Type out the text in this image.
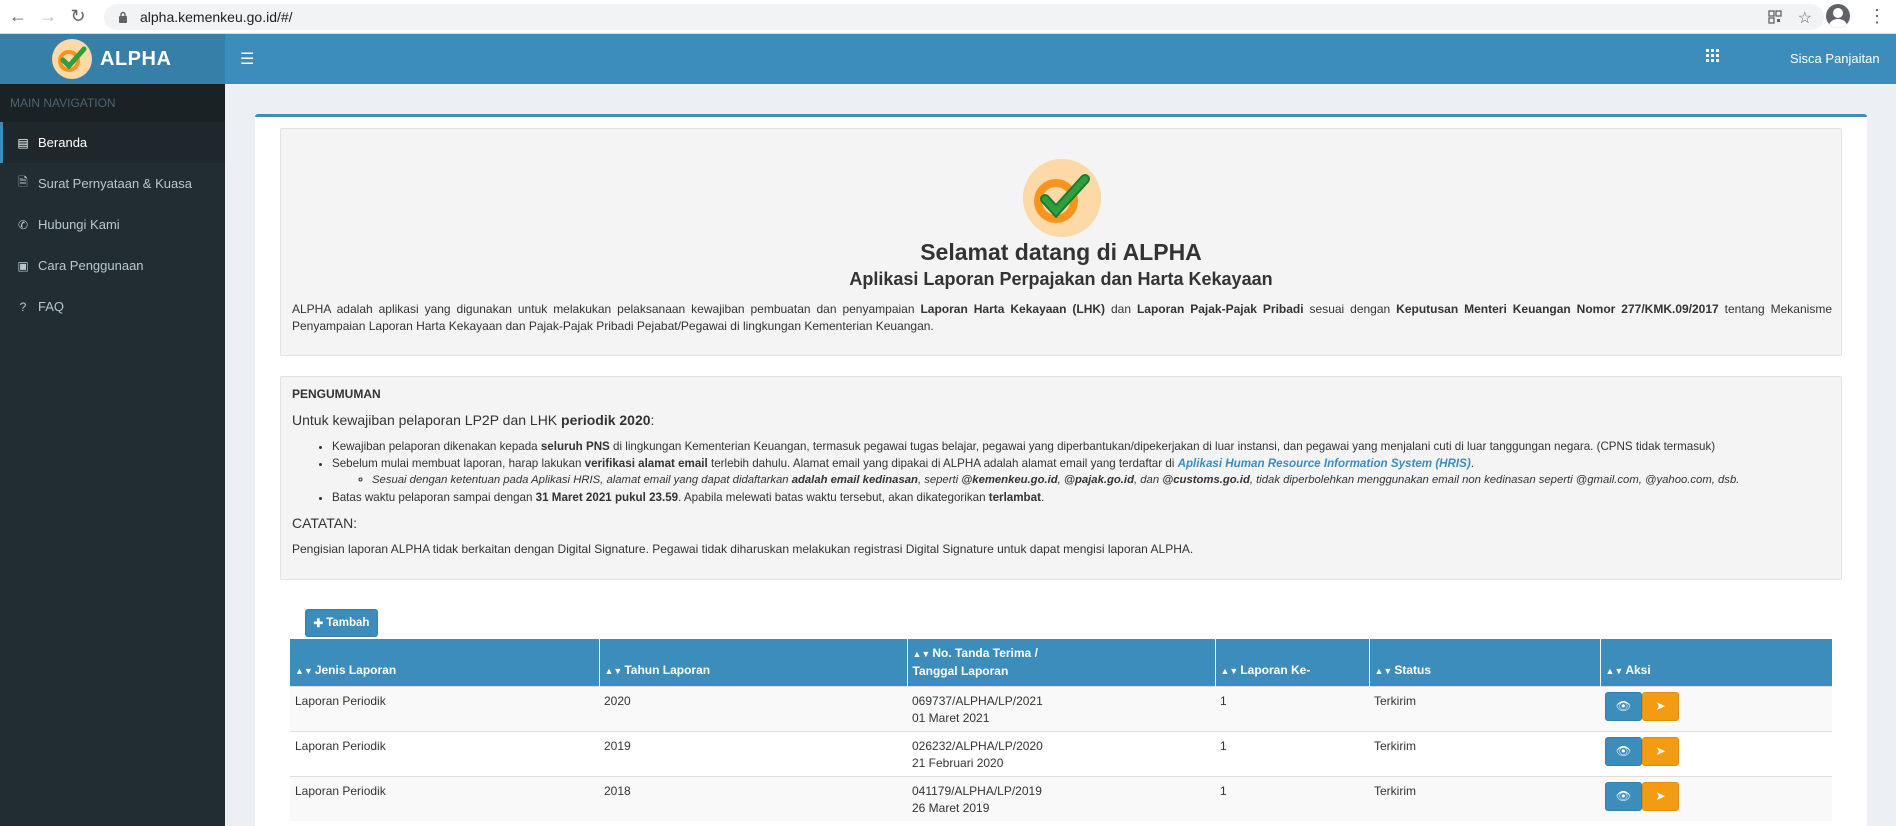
← → ↻	alpha.kemenkeu.go.id/#/	☆	⋮
ALPHA	☰	Sisca Panjaitan
MAIN NAVIGATION
▤ Beranda
🗎 Surat Pernyataan & Kuasa
✆ Hubungi Kami
▣ Cara Penggunaan
? FAQ
Selamat datang di ALPHA
Aplikasi Laporan Perpajakan dan Harta Kekayaan
ALPHA adalah aplikasi yang digunakan untuk melakukan pelaksanaan kewajiban pembuatan dan penyampaian Laporan Harta Kekayaan (LHK) dan Laporan Pajak-Pajak Pribadi sesuai dengan Keputusan Menteri Keuangan Nomor 277/KMK.09/2017 tentang Mekanisme Penyampaian Laporan Harta Kekayaan dan Pajak-Pajak Pribadi Pejabat/Pegawai di lingkungan Kementerian Keuangan.
PENGUMUMAN
Untuk kewajiban pelaporan LP2P dan LHK periodik 2020:
• Kewajiban pelaporan dikenakan kepada seluruh PNS di lingkungan Kementerian Keuangan, termasuk pegawai tugas belajar, pegawai yang diperbantukan/dipekerjakan di luar instansi, dan pegawai yang menjalani cuti di luar tanggungan negara. (CPNS tidak termasuk)
• Sebelum mulai membuat laporan, harap lakukan verifikasi alamat email terlebih dahulu. Alamat email yang dipakai di ALPHA adalah alamat email yang terdaftar di Aplikasi Human Resource Information System (HRIS).
◦ Sesuai dengan ketentuan pada Aplikasi HRIS, alamat email yang dapat didaftarkan adalah email kedinasan, seperti @kemenkeu.go.id, @pajak.go.id, dan @customs.go.id, tidak diperbolehkan menggunakan email non kedinasan seperti @gmail.com, @yahoo.com, dsb.
• Batas waktu pelaporan sampai dengan 31 Maret 2021 pukul 23.59. Apabila melewati batas waktu tersebut, akan dikategorikan terlambat.
CATATAN:
Pengisian laporan ALPHA tidak berkaitan dengan Digital Signature. Pegawai tidak diharuskan melakukan registrasi Digital Signature untuk dapat mengisi laporan ALPHA.
✚ Tambah
▲▼ Jenis Laporan	▲▼ Tahun Laporan	▲▼ No. Tanda Terima /
Tanggal Laporan	▲▼ Laporan Ke-	▲▼ Status	▲▼ Aksi
Laporan Periodik	2020	069737/ALPHA/LP/2021
01 Maret 2021	1	Terkirim	👁 ➤

Laporan Periodik	2019	026232/ALPHA/LP/2020
21 Februari 2020	1	Terkirim	👁 ➤

Laporan Periodik	2018	041179/ALPHA/LP/2019
26 Maret 2019	1	Terkirim	👁 ➤
